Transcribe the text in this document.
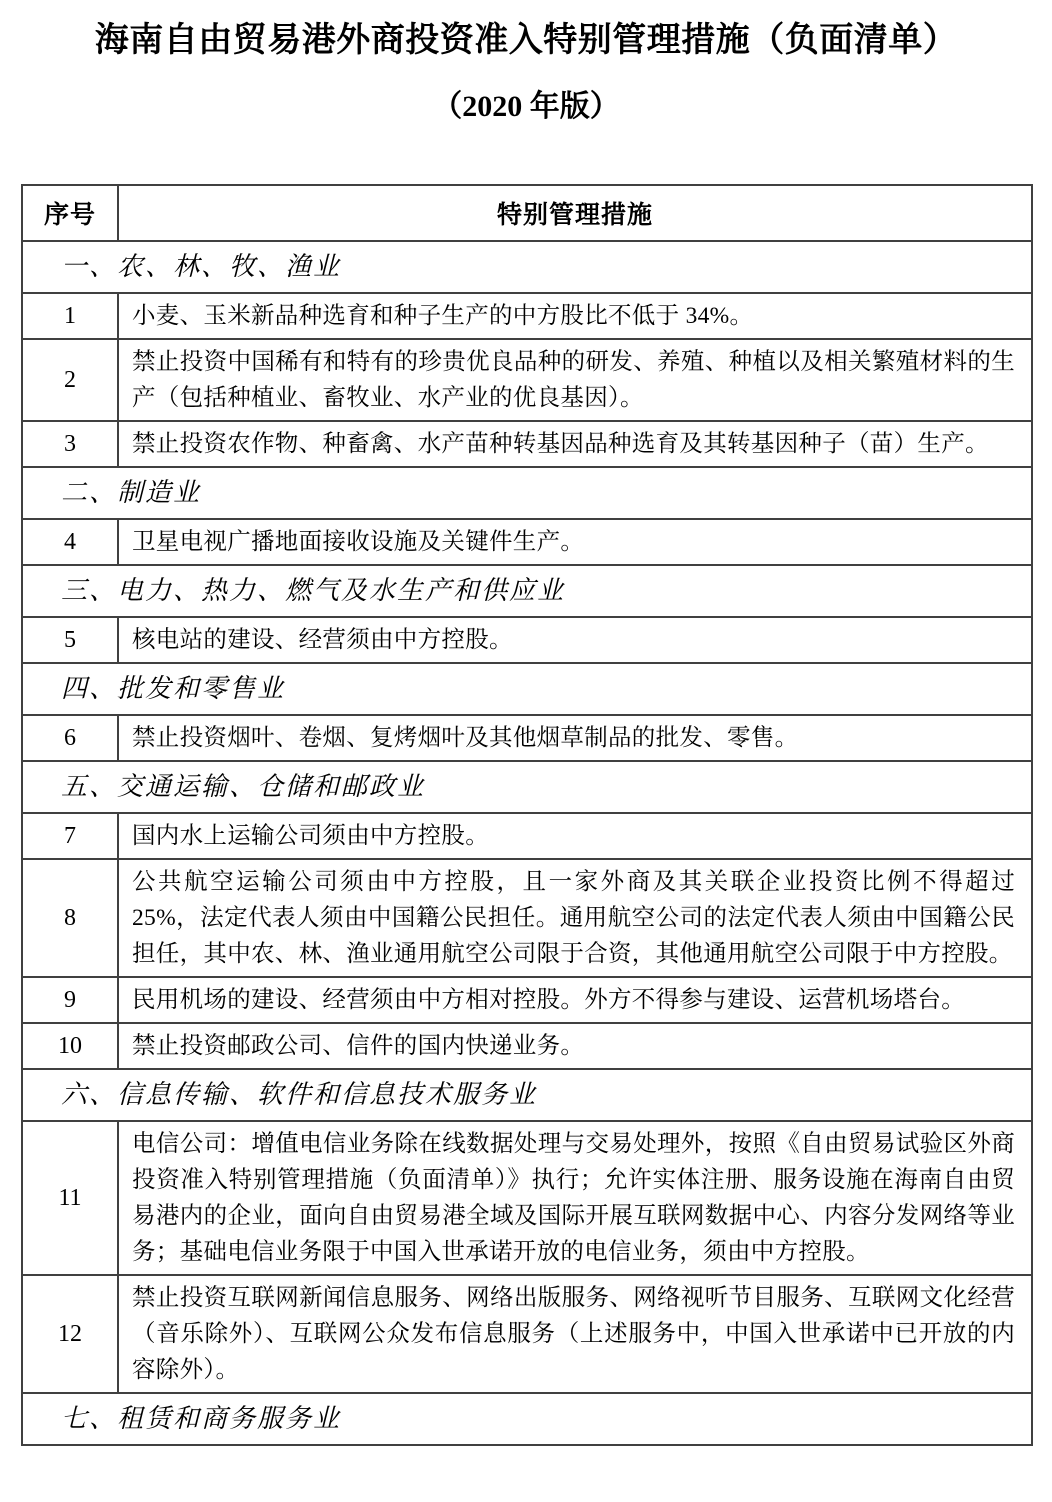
海南自由贸易港外商投资准入特别管理措施（负面清单）
（2020 年版）
序号	特别管理措施
一、农、林、牧、渔业	
1	小麦、玉米新品种选育和种子生产的中方股比不低于 34%。
2	禁止投资中国稀有和特有的珍贵优良品种的研发、养殖、种植以及相关繁殖材料的生产（包括种植业、畜牧业、水产业的优良基因）。
3	禁止投资农作物、种畜禽、水产苗种转基因品种选育及其转基因种子（苗）生产。
二、制造业	
4	卫星电视广播地面接收设施及关键件生产。
三、电力、热力、燃气及水生产和供应业	
5	核电站的建设、经营须由中方控股。
四、批发和零售业	
6	禁止投资烟叶、卷烟、复烤烟叶及其他烟草制品的批发、零售。
五、交通运输、仓储和邮政业	
7	国内水上运输公司须由中方控股。
8	公共航空运输公司须由中方控股，且一家外商及其关联企业投资比例不得超过 25%，法定代表人须由中国籍公民担任。通用航空公司的法定代表人须由中国籍公民担任，其中农、林、渔业通用航空公司限于合资，其他通用航空公司限于中方控股。
9	民用机场的建设、经营须由中方相对控股。外方不得参与建设、运营机场塔台。
10	禁止投资邮政公司、信件的国内快递业务。
六、信息传输、软件和信息技术服务业	
11	电信公司：增值电信业务除在线数据处理与交易处理外，按照《自由贸易试验区外商投资准入特别管理措施（负面清单）》执行；允许实体注册、服务设施在海南自由贸易港内的企业，面向自由贸易港全域及国际开展互联网数据中心、内容分发网络等业务；基础电信业务限于中国入世承诺开放的电信业务，须由中方控股。
12	禁止投资互联网新闻信息服务、网络出版服务、网络视听节目服务、互联网文化经营（音乐除外）、互联网公众发布信息服务（上述服务中，中国入世承诺中已开放的内容除外）。
七、租赁和商务服务业	
